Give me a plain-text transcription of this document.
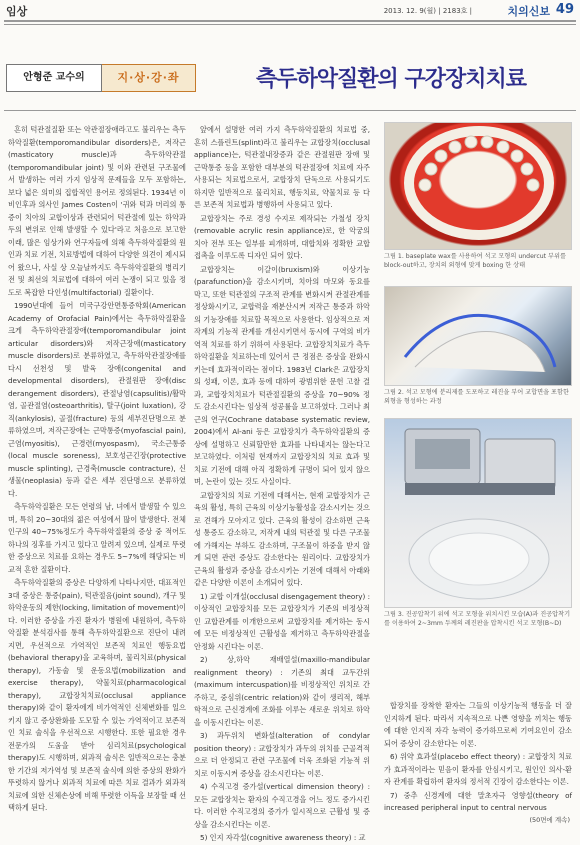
임상	2013. 12. 9(월) | 2183호 |	치의신보 49
안형준 교수의	지·상·강·좌	측두하악질환의 구강장치치료

흔히 턱관절질환 또는 악관절장애라고도 불리우는 측두하악질환(temporomandibular disorders)은, 저작근(masticatory muscle)과 측두하악관절(temporomandibular joint) 및 이와 관련된 구조물에서 발생하는 여러 가지 임상적 문제들을 모두 포함하는, 보다 넓은 의미의 집합적인 용어로 정의된다. 1934년 이비인후과 의사인 James Costen이 '귀와 턱과 머리의 통증이 치아의 교합이상과 관련되어 턱관절에 있는 하악과두의 변위로 인해 발생할 수 있다'라고 처음으로 보고한 이래, 많은 임상가와 연구자들에 의해 측두하악질환의 원인과 치료 기전, 치료방법에 대하여 다양한 의견이 제시되어 왔으나, 사실 상 오늘날까지도 측두하악질환의 병리기전 및 최선의 치료법에 대하여 여러 논쟁이 되고 있을 정도로 복잡한 다인성(multifactorial) 질환이다.

1990년대에 들어 미국구강안면통증학회(American Academy of Orofacial Pain)에서는 측두하악질환을 크게 측두하악관절장애(temporomandibular joint articular disorders)와 저작근장애(masticatory muscle disorders)로 분류하였고, 측두하악관절장애를 다시 선천성 및 발육 장애(congenital and developmental disorders), 관절원판 장애(disc derangement disorders), 관절낭염(capsulitis)/활막염, 골관절염(osteoarthritis), 탈구(joint luxation), 강직(ankylosis), 골절(fracture) 등의 세부진단명으로 분류하였으며, 저작근장애는 근막통증(myofascial pain), 근염(myositis), 근경련(myospasm), 국소근통증(local muscle soreness), 보호성근긴장(protective muscle splinting), 근경축(muscle contracture), 신생물(neoplasia) 등과 같은 세부 진단명으로 분류하였다.

측두하악질환은 모든 연령의 남, 녀에서 발생할 수 있으며, 특히 20~30대의 젊은 여성에서 많이 발생한다. 전체 인구의 40~75%정도가 측두하악질환의 증상 중 적어도 하나의 징후를 가지고 있다고 알려져 있으며, 실제로 뚜렷한 증상으로 치료를 요하는 경우도 5~7%에 해당되는 비교적 흔한 질환이다.

측두하악질환의 증상은 다양하게 나타나지만, 대표적인 3대 증상은 통증(pain), 턱관절음(joint sound), 개구 및 하악운동의 제한(locking, limitation of movement)이다. 이러한 증상을 가진 환자가 병원에 내원하여, 측두하악질환 분석검사를 통해 측두하악질환으로 진단이 내려지면, 우선적으로 가역적인 보존적 치료인 행동요법(behavioral therapy)을 교육하며, 물리치료(physical therapy), 가동술 및 운동요법(mobilization and exercise therapy), 약물치료(pharmacological therapy), 교합장치치료(occlusal appliance therapy)와 같이 환자에게 비가역적인 신체변화를 일으키지 않고 증상완화를 도모할 수 있는 가역적이고 보존적인 치료 술식을 우선적으로 시행한다. 또한 필요한 경우 전문가의 도움을 받아 심리치료(psychological therapy)도 시행하며, 외과적 술식은 일반적으로는 충분한 기간의 저가역성 및 보존적 술식에 의한 증상의 완화가 뚜렷하지 않거나 외과적 치료에 따른 치료 결과가 외과적 치료에 의한 신체손상에 비해 뚜렷한 이득을 보장할 때 선택하게 된다.

앞에서 설명한 여러 가지 측두하악질환의 치료법 중, 흔히 스플린트(splint)라고 불리우는 교합장치(occlusal appliance)는, 턱관절내장증과 같은 관절원판 장애 및 근막통증 등을 포함한 대부분의 턱관절장애 치료에 자주 사용되는 치료법으로서, 교합장치 단독으로 사용되기도 하지만 일반적으로 물리치료, 행동치료, 약물치료 등 다른 보존적 치료법과 병행하여 사용되고 있다.

교합장치는 주로 경성 수지로 제작되는 가철성 장치(removable acrylic resin appliance)로, 한 악궁의 치아 전부 또는 일부를 피개하며, 대합치와 정확한 교합접촉을 이루도록 디자인 되어 있다.

교합장치는 이갈이(bruxism)와 이상기능(parafunction)을 감소시키며, 치아의 마모와 동요를 막고, 또한 턱관절의 구조적 관계를 변화시켜 관절관계를 정상화시키고, 교합력을 재분산시켜 저작근 통증과 하악의 기능장애를 치료할 목적으로 사용한다. 임상적으로 저작계의 기능적 관계를 개선시키면서 동시에 구역의 비가역적 치료를 하기 위하여 사용된다. 교합장치치료가 측두하악질환을 치료하는데 있어서 큰 정점은 증상을 완화시키는데 효과적이라는 점이다. 1983년 Clark은 교합장치의 성패, 이론, 효과 등에 대하여 광범위한 문헌 고찰 결과, 교합장치치료가 턱관절질환의 증상을 70~90% 정도 감소시킨다는 임상적 성공률을 보고하였다. 그러나 최근의 연구(Cochrane database systematic review, 2004)에서 Al-ani 등은 교합장치가 측두하악질환의 증상에 설명하고 신뢰할만한 효과를 나타내지는 않는다고 보고하였다. 이처럼 현재까지 교합장치의 치료 효과 및 치료 기전에 대해 아직 정확하게 규명이 되어 있지 않으며, 논란이 있는 것도 사실이다.

교합장치의 치료 기전에 대해서는, 현재 교합장치가 근육의 활성, 특히 근육의 이상기능활성을 감소시키는 것으로 견해가 모아지고 있다. 근육의 활성이 감소하면 근육성 통증도 감소하고, 저작계 내의 턱관절 및 다른 구조물에 가해지는 부하도 감소하며, 구조물이 하중을 받지 않게 되면 관련 증상도 감소한다는 원리이다. 교합장치가 근육의 활성과 증상을 감소시키는 기전에 대해서 아래와 같은 다양한 이론이 소개되어 있다.

1) 교합 이개설(occlusal disengagement theory) : 이상적인 교합장치를 모든 교합장치가 기존의 비정상적인 교합관계를 이개한으로써 교합장치를 제거하는 동시에 모든 비정상적인 근활성을 제거하고 측두하악관절을 안정화 시킨다는 이론.

2) 상,하악 재배열설(maxillo-mandibular realignment theory) : 기존의 최대 교두간위(maximum intercuspation)를 비정상적인 위치로 간주하고, 중심위(centric relation)와 같이 생리적, 해부학적으로 근신경계에 조화를 이루는 새로운 위치로 하악을 이동시킨다는 이론.

3) 과두위치 변화설(alteration of condylar position theory) : 교합장치가 과두의 위치를 근골격적으로 더 안정되고 관련 구조물에 더욱 조화된 기능적 위치로 이동시켜 증상을 감소시킨다는 이론.

4) 수직고경 증가설(vertical dimension theory) : 모든 교합장치는 환자의 수직고경을 어느 정도 증가시킨다. 이러한 수직고경의 증가가 일시적으로 근활성 및 증상을 감소시킨다는 이론.

5) 인지 자각설(cognitive awareness theory) : 교

그림 1. baseplate wax를 사용하여 석고 모형의 undercut 부위를 block-out하고, 장치의 외형에 맞게 boxing 한 상태
그림 2. 석고 모형에 분리제를 도포하고 레진을 부어 교합면을 포함한 외형을 형성하는 과정
그림 3. 진공압착기 위에 석고 모형을 위치시킨 모습(A)과 진공압착기를 이용하여 2~3mm 두께의 레진판을 압착시킨 석고 모형(B~D)

합장치를 장착한 환자는 그들의 이상기능적 행동을 더 잘 인지하게 된다. 따라서 지속적으로 나쁜 영향을 끼치는 행동에 대한 인지적 자각 능력이 증가하므로써 기여요인이 감소되어 증상이 감소한다는 이론.

6) 위약 효과설(placebo effect theory) : 교합장치 치료가 효과적이라는 믿음이 환자를 안심시키고, 원인인 의사-환자 관계를 확립하여 환자의 정서적 긴장이 감소한다는 이론.

7) 중추 신경계에 대한 말초자극 영향설(theory of increased peripheral input to central nervous

(50면에 계속)
